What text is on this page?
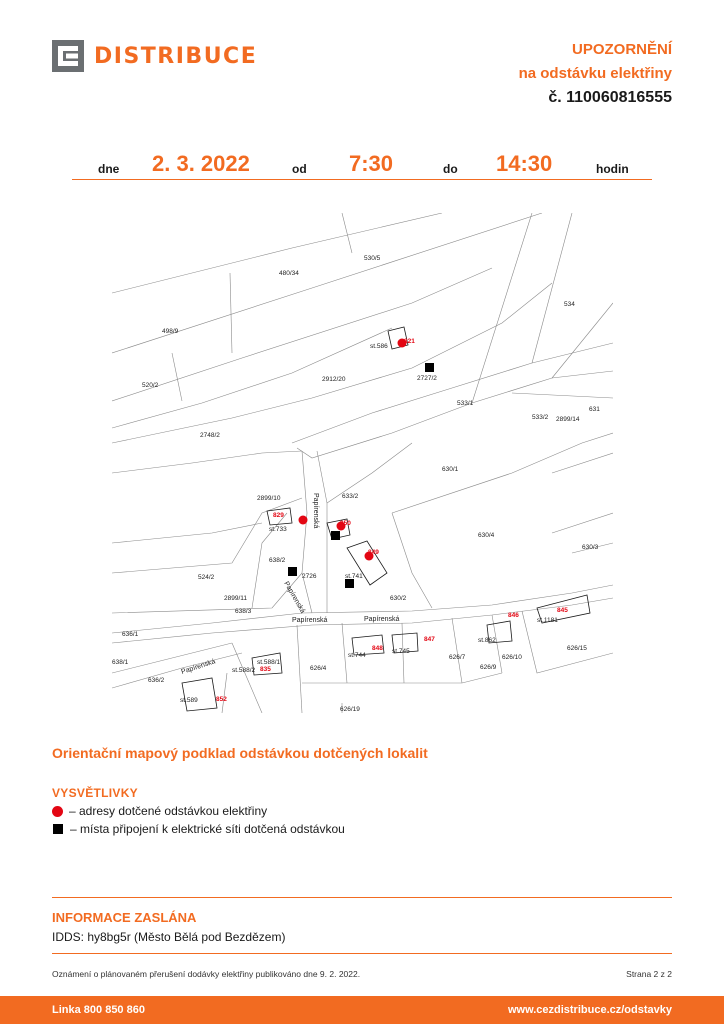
DISTRIBUCE	UPOZORNĚNÍ
na odstávku elektřiny
č. 110060816555
dne 2. 3. 2022	od 7:30	do 14:30	hodin
530/5
480/34
534
498/9
st.586
2727/2
520/2
2912/20
533/1
533/2 2899/14
631
2748/2
630/1
2899/10	633/2
st.733
630/4
638/2
2726	st.741
630/3
524/2
2899/11
638/3
630/2
636/1
638/1
636/2
st.588/1
st.588/2	626/4
st.744
st.745
626/7
st.862
626/9
626/10
st.1181
626/15
st.589
626/19
Papírenská	Papírenská
Papírenská
Papírenská
Papírenská
821
829
850
849
846
845
847
848
835
852
Orientační mapový podklad odstávkou dotčených lokalit
VYSVĚTLIVKY
– adresy dotčené odstávkou elektřiny
– místa připojení k elektrické síti dotčená odstávkou
INFORMACE ZASLÁNA
IDDS: hy8bg5r (Město Bělá pod Bezdězem)
Oznámení o plánovaném přerušení dodávky elektřiny publikováno dne 9. 2. 2022.	Strana 2 z 2
Linka 800 850 860	www.cezdistribuce.cz/odstavky
